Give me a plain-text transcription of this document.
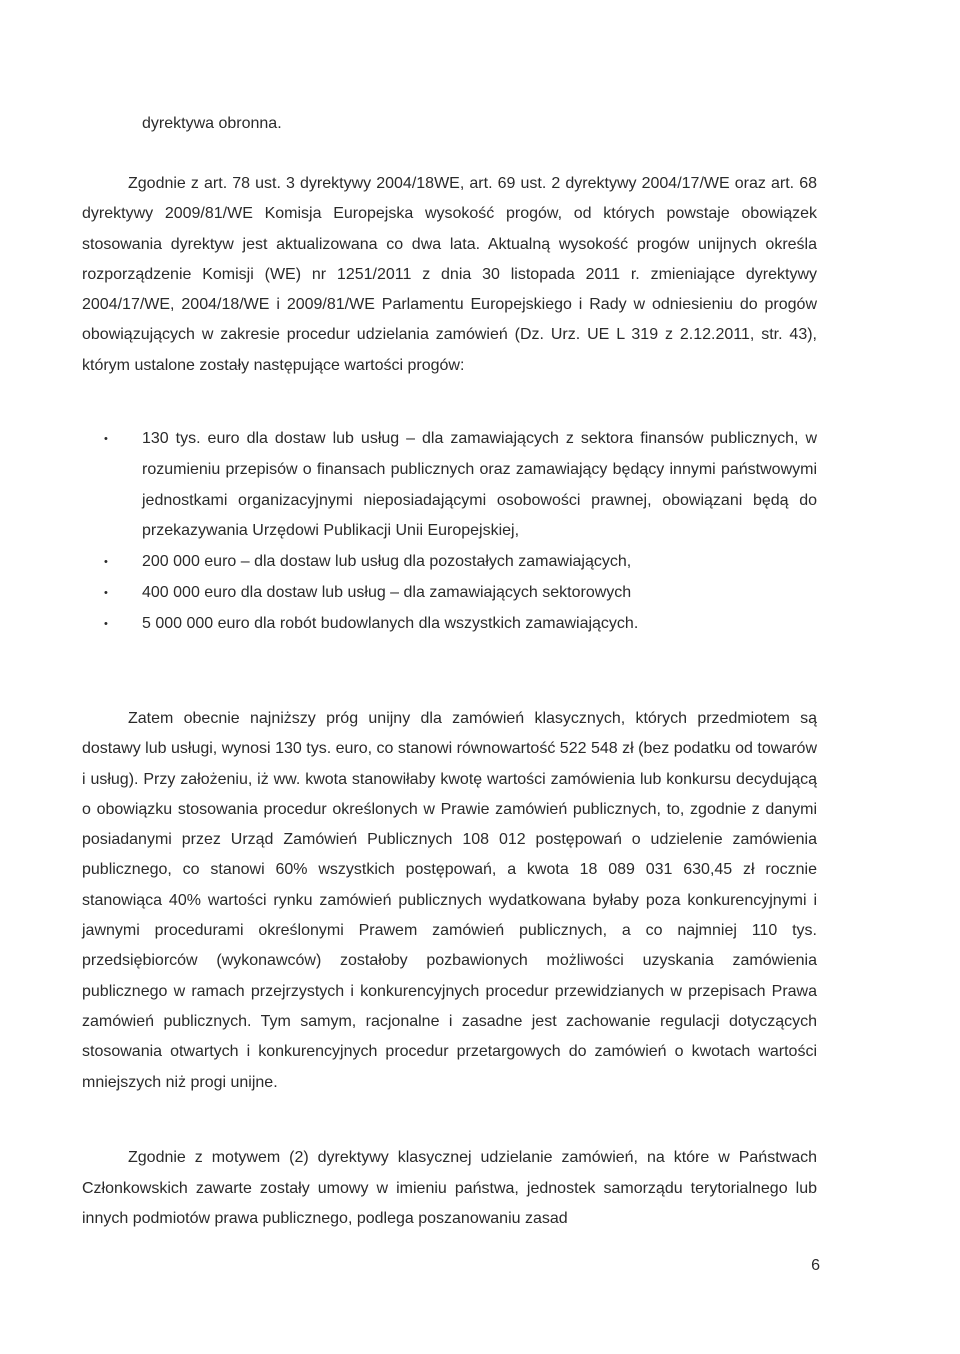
dyrektywa obronna.

Zgodnie z art. 78 ust. 3 dyrektywy 2004/18WE, art. 69 ust. 2 dyrektywy 2004/17/WE oraz art. 68 dyrektywy 2009/81/WE Komisja Europejska wysokość progów, od których powstaje obowiązek stosowania dyrektyw jest aktualizowana co dwa lata. Aktualną wysokość progów unijnych określa rozporządzenie Komisji (WE) nr 1251/2011 z dnia 30 listopada 2011 r. zmieniające dyrektywy 2004/17/WE, 2004/18/WE i 2009/81/WE Parlamentu Europejskiego i Rady w odniesieniu do progów obowiązujących w zakresie procedur udzielania zamówień (Dz. Urz. UE L 319 z 2.12.2011, str. 43), którym ustalone zostały następujące wartości progów:

• 130 tys. euro dla dostaw lub usług – dla zamawiających z sektora finansów publicznych, w rozumieniu przepisów o finansach publicznych oraz zamawiający będący innymi państwowymi jednostkami organizacyjnymi nieposiadającymi osobowości prawnej, obowiązani będą do przekazywania Urzędowi Publikacji Unii Europejskiej,
• 200 000 euro – dla dostaw lub usług dla pozostałych zamawiających,
• 400 000 euro dla dostaw lub usług – dla zamawiających sektorowych
• 5 000 000 euro dla robót budowlanych dla wszystkich zamawiających.

Zatem obecnie najniższy próg unijny dla zamówień klasycznych, których przedmiotem są dostawy lub usługi, wynosi 130 tys. euro, co stanowi równowartość 522 548 zł (bez podatku od towarów i usług). Przy założeniu, iż ww. kwota stanowiłaby kwotę wartości zamówienia lub konkursu decydującą o obowiązku stosowania procedur określonych w Prawie zamówień publicznych, to, zgodnie z danymi posiadanymi przez Urząd Zamówień Publicznych 108 012 postępowań o udzielenie zamówienia publicznego, co stanowi 60% wszystkich postępowań, a kwota 18 089 031 630,45 zł rocznie stanowiąca 40% wartości rynku zamówień publicznych wydatkowana byłaby poza konkurencyjnymi i jawnymi procedurami określonymi Prawem zamówień publicznych, a co najmniej 110 tys. przedsiębiorców (wykonawców) zostałoby pozbawionych możliwości uzyskania zamówienia publicznego w ramach przejrzystych i konkurencyjnych procedur przewidzianych w przepisach Prawa zamówień publicznych. Tym samym, racjonalne i zasadne jest zachowanie regulacji dotyczących stosowania otwartych i konkurencyjnych procedur przetargowych do zamówień o kwotach wartości mniejszych niż progi unijne.

Zgodnie z motywem (2) dyrektywy klasycznej udzielanie zamówień, na które w Państwach Członkowskich zawarte zostały umowy w imieniu państwa, jednostek samorządu terytorialnego lub innych podmiotów prawa publicznego, podlega poszanowaniu zasad

6
